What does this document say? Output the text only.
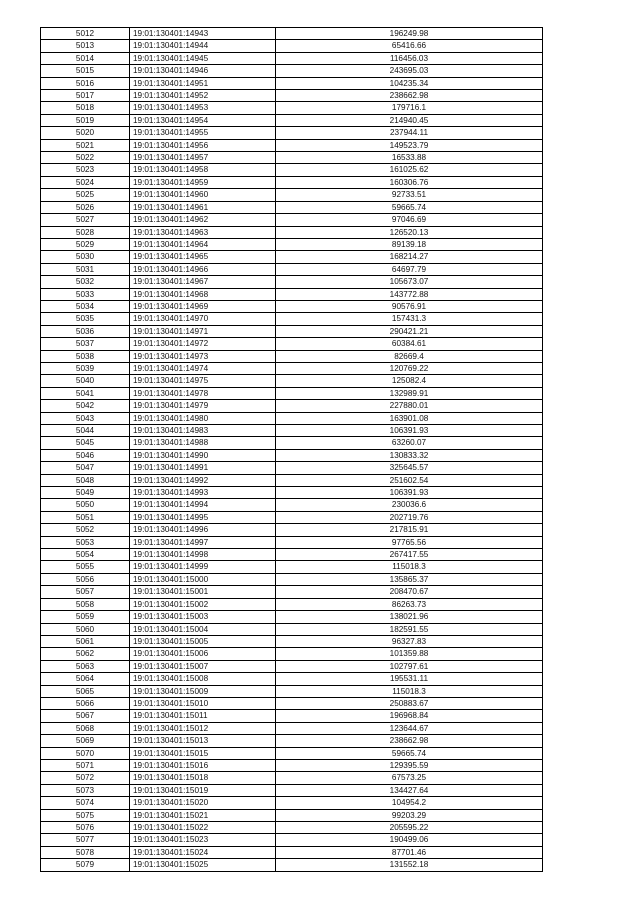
5012	19:01:130401:14943	196249.98
5013	19:01:130401:14944	65416.66
5014	19:01:130401:14945	116456.03
5015	19:01:130401:14946	243695.03
5016	19:01:130401:14951	104235.34
5017	19:01:130401:14952	238662.98
5018	19:01:130401:14953	179716.1
5019	19:01:130401:14954	214940.45
5020	19:01:130401:14955	237944.11
5021	19:01:130401:14956	149523.79
5022	19:01:130401:14957	16533.88
5023	19:01:130401:14958	161025.62
5024	19:01:130401:14959	160306.76
5025	19:01:130401:14960	92733.51
5026	19:01:130401:14961	59665.74
5027	19:01:130401:14962	97046.69
5028	19:01:130401:14963	126520.13
5029	19:01:130401:14964	89139.18
5030	19:01:130401:14965	168214.27
5031	19:01:130401:14966	64697.79
5032	19:01:130401:14967	105673.07
5033	19:01:130401:14968	143772.88
5034	19:01:130401:14969	90576.91
5035	19:01:130401:14970	157431.3
5036	19:01:130401:14971	290421.21
5037	19:01:130401:14972	60384.61
5038	19:01:130401:14973	82669.4
5039	19:01:130401:14974	120769.22
5040	19:01:130401:14975	125082.4
5041	19:01:130401:14978	132989.91
5042	19:01:130401:14979	227880.01
5043	19:01:130401:14980	163901.08
5044	19:01:130401:14983	106391.93
5045	19:01:130401:14988	63260.07
5046	19:01:130401:14990	130833.32
5047	19:01:130401:14991	325645.57
5048	19:01:130401:14992	251602.54
5049	19:01:130401:14993	106391.93
5050	19:01:130401:14994	230036.6
5051	19:01:130401:14995	202719.76
5052	19:01:130401:14996	217815.91
5053	19:01:130401:14997	97765.56
5054	19:01:130401:14998	267417.55
5055	19:01:130401:14999	115018.3
5056	19:01:130401:15000	135865.37
5057	19:01:130401:15001	208470.67
5058	19:01:130401:15002	86263.73
5059	19:01:130401:15003	138021.96
5060	19:01:130401:15004	182591.55
5061	19:01:130401:15005	96327.83
5062	19:01:130401:15006	101359.88
5063	19:01:130401:15007	102797.61
5064	19:01:130401:15008	195531.11
5065	19:01:130401:15009	115018.3
5066	19:01:130401:15010	250883.67
5067	19:01:130401:15011	196968.84
5068	19:01:130401:15012	123644.67
5069	19:01:130401:15013	238662.98
5070	19:01:130401:15015	59665.74
5071	19:01:130401:15016	129395.59
5072	19:01:130401:15018	67573.25
5073	19:01:130401:15019	134427.64
5074	19:01:130401:15020	104954.2
5075	19:01:130401:15021	99203.29
5076	19:01:130401:15022	205595.22
5077	19:01:130401:15023	190499.06
5078	19:01:130401:15024	87701.46
5079	19:01:130401:15025	131552.18
